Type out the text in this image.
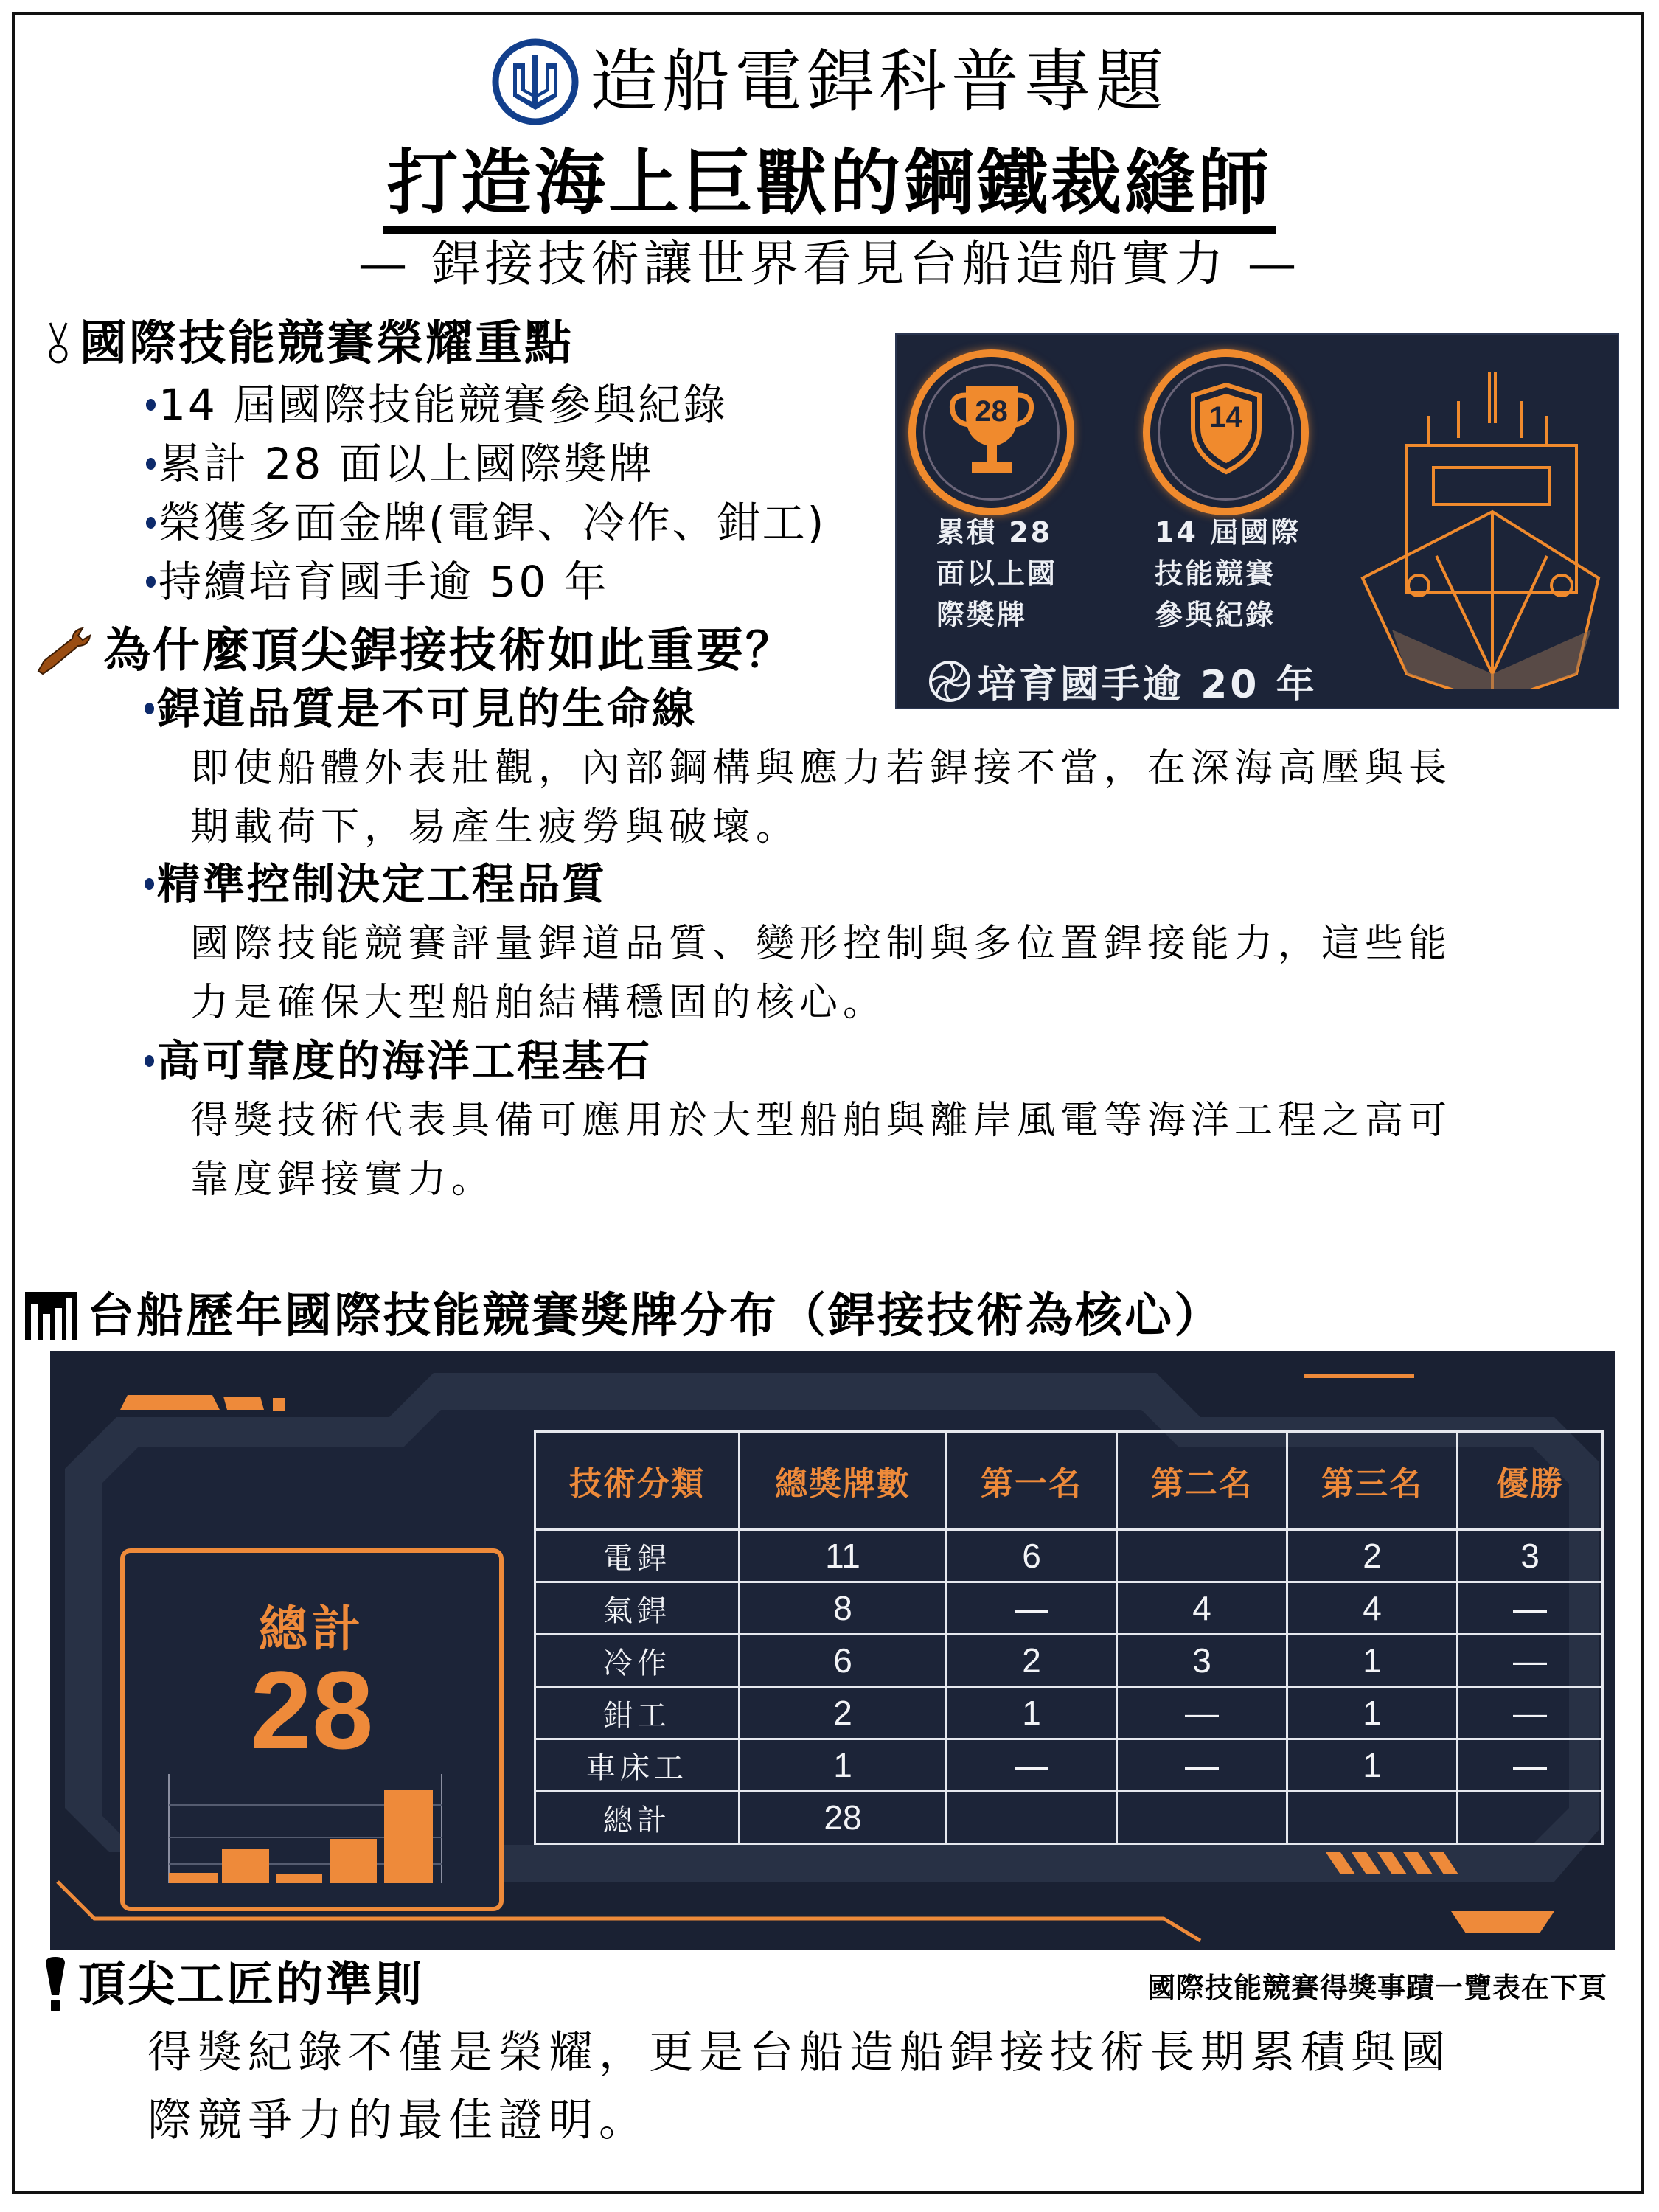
造船電銲科普專題
打造海上巨獸的鋼鐵裁縫師
— 銲接技術讓世界看見台船造船實力 —
國際技能競賽榮耀重點
14 屆國際技能競賽參與紀錄
累計 28 面以上國際獎牌
榮獲多面金牌(電銲、冷作、鉗工)
持續培育國手逾 50 年
28	14
累積 28
面以上國
際獎牌
14 屆國際
技能競賽
參與紀錄
培育國手逾 20 年
為什麼頂尖銲接技術如此重要？
銲道品質是不可見的生命線
即使船體外表壯觀，內部鋼構與應力若銲接不當，在深海高壓與長
期載荷下，易產生疲勞與破壞。
精準控制決定工程品質
國際技能競賽評量銲道品質、變形控制與多位置銲接能力，這些能
力是確保大型船舶結構穩固的核心。
高可靠度的海洋工程基石
得獎技術代表具備可應用於大型船舶與離岸風電等海洋工程之高可
靠度銲接實力。
台船歷年國際技能競賽獎牌分布（銲接技術為核心）
總計
28
技術分類	總獎牌數	第一名	第二名	第三名	優勝
電銲	11	6		2	3
氣銲	8	—	4	4	—
冷作	6	2	3	1	—
鉗工	2	1	—	1	—
車床工	1	—	—	1	—
總計	28				
頂尖工匠的準則	國際技能競賽得獎事蹟一覽表在下頁
得獎紀錄不僅是榮耀，更是台船造船銲接技術長期累積與國
際競爭力的最佳證明。
